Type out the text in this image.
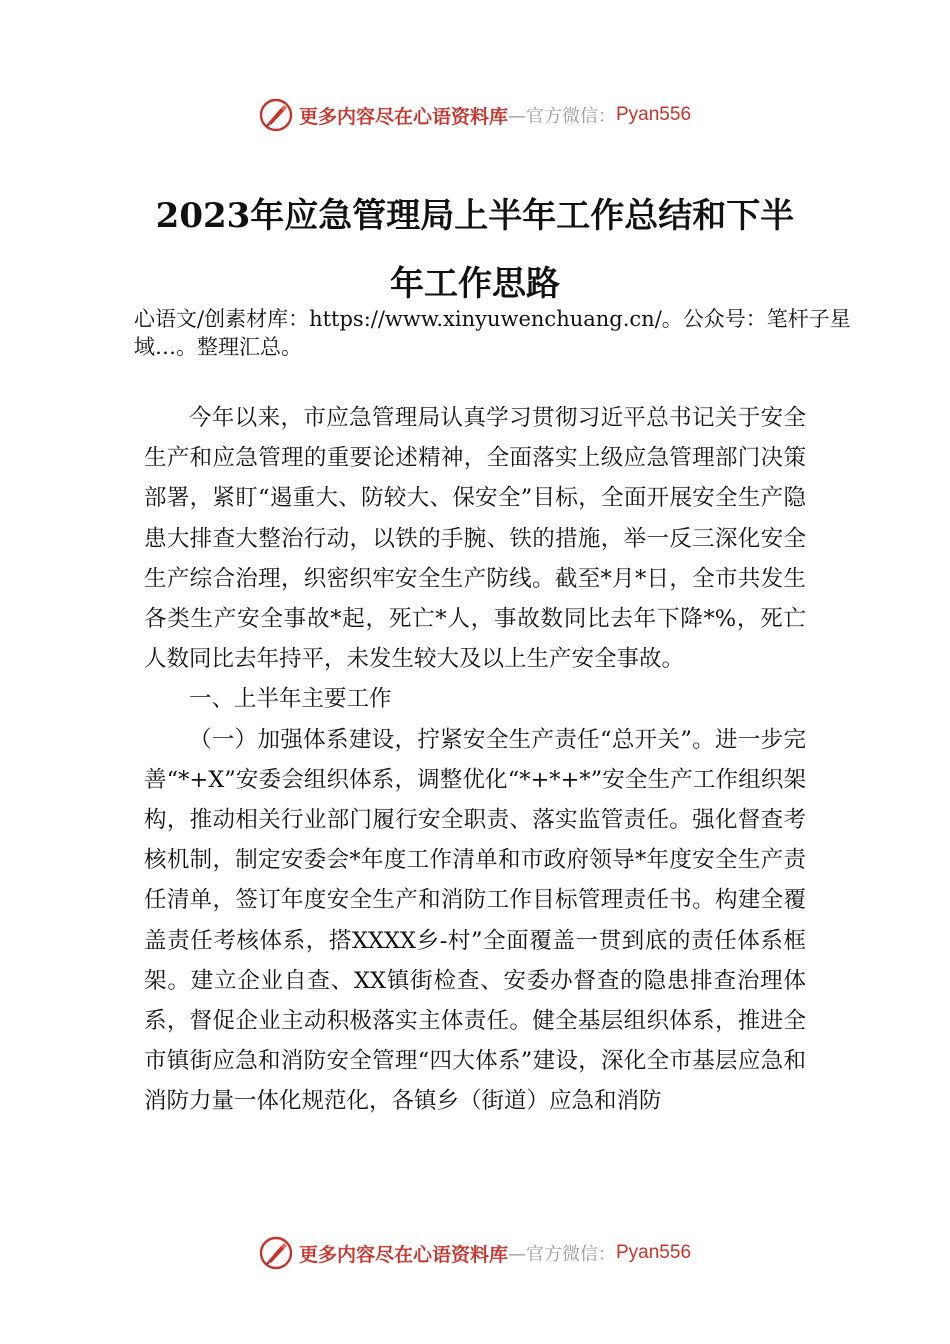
更多内容尽在心语资料库 —官方微信： Pyan556
2023年应急管理局上半年工作总结和下半
年工作思路
心语文/创素材库：https://www.xinyuwenchuang.cn/。公众号：笔杆子星域…。整理汇总。

今年以来，市应急管理局认真学习贯彻习近平总书记关于安全生产和应急管理的重要论述精神，全面落实上级应急管理部门决策部署，紧盯“遏重大、防较大、保安全”目标，全面开展安全生产隐患大排查大整治行动，以铁的手腕、铁的措施，举一反三深化安全生产综合治理，织密织牢安全生产防线。截至*月*日，全市共发生各类生产安全事故*起，死亡*人，事故数同比去年下降*%，死亡人数同比去年持平，未发生较大及以上生产安全事故。

一、上半年主要工作

（一）加强体系建设，拧紧安全生产责任“总开关”。进一步完善“*+X”安委会组织体系，调整优化“*+*+*”安全生产工作组织架构，推动相关行业部门履行安全职责、落实监管责任。强化督查考核机制，制定安委会*年度工作清单和市政府领导*年度安全生产责任清单，签订年度安全生产和消防工作目标管理责任书。构建全覆盖责任考核体系，搭XXXX乡-村”全面覆盖一贯到底的责任体系框架。建立企业自查、XX镇街检查、安委办督查的隐患排查治理体系，督促企业主动积极落实主体责任。健全基层组织体系，推进全市镇街应急和消防安全管理“四大体系”建设，深化全市基层应急和消防力量一体化规范化，各镇乡（街道）应急和消防

更多内容尽在心语资料库 —官方微信： Pyan556
